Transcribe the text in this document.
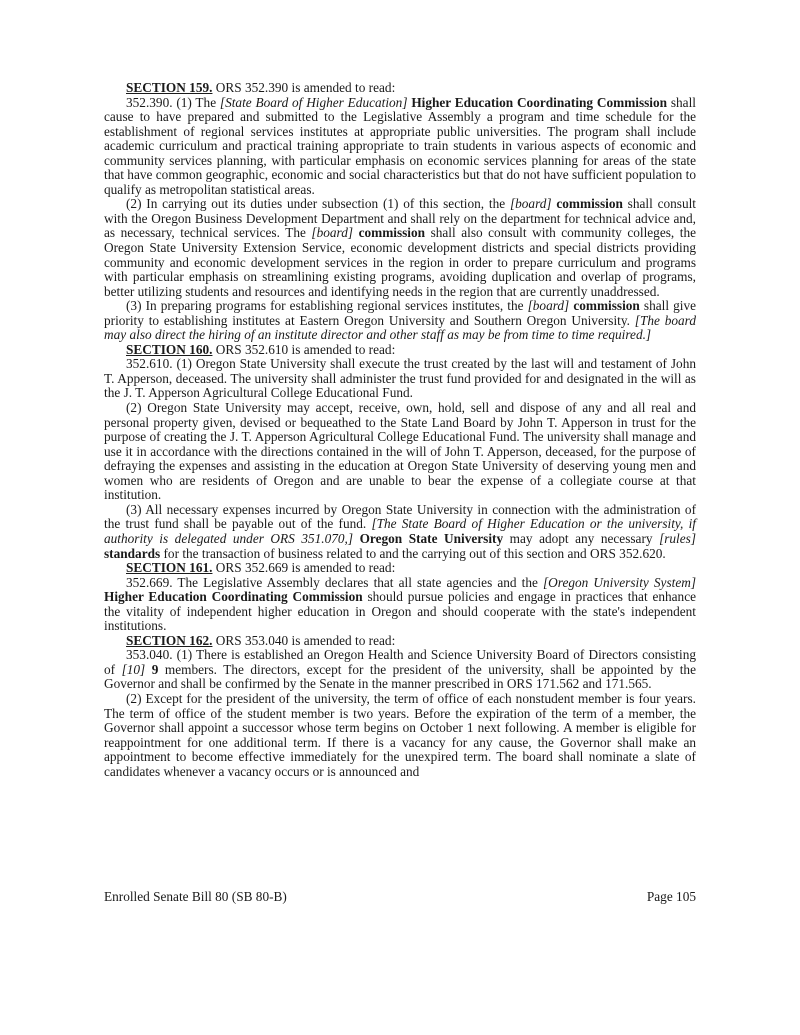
SECTION 159. ORS 352.390 is amended to read:

352.390. (1) The [State Board of Higher Education] Higher Education Coordinating Commission shall cause to have prepared and submitted to the Legislative Assembly a program and time schedule for the establishment of regional services institutes at appropriate public universities. The program shall include academic curriculum and practical training appropriate to train students in various aspects of economic and community services planning, with particular emphasis on economic services planning for areas of the state that have common geographic, economic and social characteristics but that do not have sufficient population to qualify as metropolitan statistical areas.

(2) In carrying out its duties under subsection (1) of this section, the [board] commission shall consult with the Oregon Business Development Department and shall rely on the department for technical advice and, as necessary, technical services. The [board] commission shall also consult with community colleges, the Oregon State University Extension Service, economic development districts and special districts providing community and economic development services in the region in order to prepare curriculum and programs with particular emphasis on streamlining existing programs, avoiding duplication and overlap of programs, better utilizing students and resources and identifying needs in the region that are currently unaddressed.

(3) In preparing programs for establishing regional services institutes, the [board] commission shall give priority to establishing institutes at Eastern Oregon University and Southern Oregon University. [The board may also direct the hiring of an institute director and other staff as may be from time to time required.]

SECTION 160. ORS 352.610 is amended to read:

352.610. (1) Oregon State University shall execute the trust created by the last will and testament of John T. Apperson, deceased. The university shall administer the trust fund provided for and designated in the will as the J. T. Apperson Agricultural College Educational Fund.

(2) Oregon State University may accept, receive, own, hold, sell and dispose of any and all real and personal property given, devised or bequeathed to the State Land Board by John T. Apperson in trust for the purpose of creating the J. T. Apperson Agricultural College Educational Fund. The university shall manage and use it in accordance with the directions contained in the will of John T. Apperson, deceased, for the purpose of defraying the expenses and assisting in the education at Oregon State University of deserving young men and women who are residents of Oregon and are unable to bear the expense of a collegiate course at that institution.

(3) All necessary expenses incurred by Oregon State University in connection with the administration of the trust fund shall be payable out of the fund. [The State Board of Higher Education or the university, if authority is delegated under ORS 351.070,] Oregon State University may adopt any necessary [rules] standards for the transaction of business related to and the carrying out of this section and ORS 352.620.

SECTION 161. ORS 352.669 is amended to read:

352.669. The Legislative Assembly declares that all state agencies and the [Oregon University System] Higher Education Coordinating Commission should pursue policies and engage in practices that enhance the vitality of independent higher education in Oregon and should cooperate with the state's independent institutions.

SECTION 162. ORS 353.040 is amended to read:

353.040. (1) There is established an Oregon Health and Science University Board of Directors consisting of [10] 9 members. The directors, except for the president of the university, shall be appointed by the Governor and shall be confirmed by the Senate in the manner prescribed in ORS 171.562 and 171.565.

(2) Except for the president of the university, the term of office of each nonstudent member is four years. The term of office of the student member is two years. Before the expiration of the term of a member, the Governor shall appoint a successor whose term begins on October 1 next following. A member is eligible for reappointment for one additional term. If there is a vacancy for any cause, the Governor shall make an appointment to become effective immediately for the unexpired term. The board shall nominate a slate of candidates whenever a vacancy occurs or is announced and

Enrolled Senate Bill 80 (SB 80-B)	Page 105
